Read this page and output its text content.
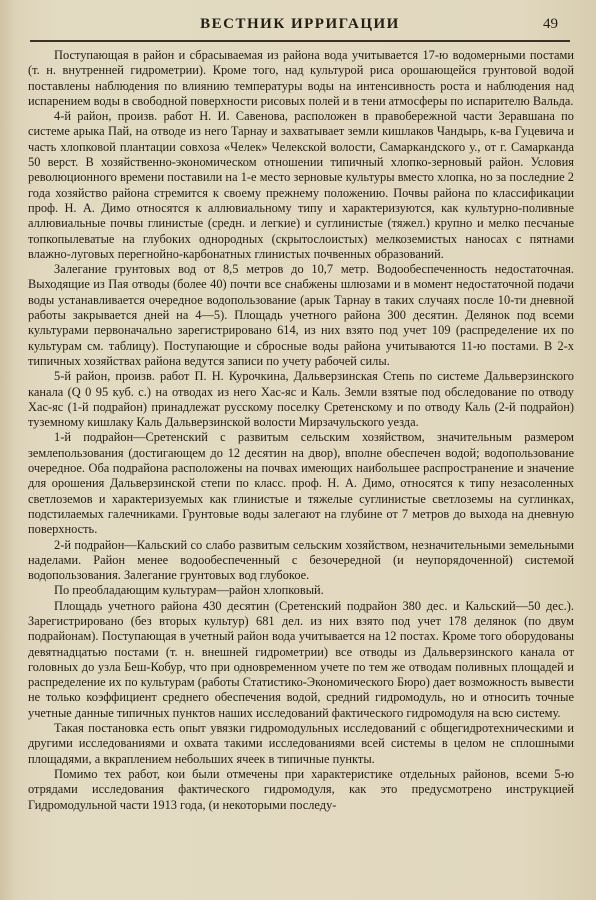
ВЕСТНИК ИРРИГАЦИИ	49

Поступающая в район и сбрасываемая из района вода учитывается 17-ю водомерными постами (т. н. внутренней гидрометрии). Кроме того, над культурой риса орошающейся грунтовой водой поставлены наблюдения по влиянию температуры воды на интенсивность роста и наблюдения над испарением воды в свободной поверхности рисовых полей и в тени атмосферы по испарителю Вальда.

4-й район, произв. работ Н. И. Савенова, расположен в правобережной части Зеравшана по системе арыка Пай, на отводе из него Тарнау и захватывает земли кишлаков Чандырь, к-ва Гуцевича и часть хлопковой плантации совхоза «Челек» Челекской волости, Самаркандского у., от г. Самарканда 50 верст. В хозяйственно-экономическом отношении типичный хлопко-зерновый район. Условия революционного времени поставили на 1-е место зерновые культуры вместо хлопка, но за последние 2 года хозяйство района стремится к своему прежнему положению. Почвы района по классификации проф. Н. А. Димо относятся к аллювиальному типу и характеризуются, как культурно-поливные аллювиальные почвы глинистые (средн. и легкие) и суглинистые (тяжел.) крупно и мелко песчаные топкопылеватые на глубоких однородных (скрытослоистых) мелкоземистых наносах с пятнами влажно-луговых перегнойно-карбонатных глинистых почвенных образований.

Залегание грунтовых вод от 8,5 метров до 10,7 метр. Водообеспеченность недостаточная. Выходящие из Пая отводы (более 40) почти все снабжены шлюзами и в момент недостаточной подачи воды устанавливается очередное водопользование (арык Тарнау в таких случаях после 10-ти дневной работы закрывается дней на 4—5). Площадь учетного района 300 десятин. Делянок под всеми культурами первоначально зарегистрировано 614, из них взято под учет 109 (распределение их по культурам см. таблицу). Поступающие и сбросные воды района учитываются 11-ю постами. В 2-х типичных хозяйствах района ведутся записи по учету рабочей силы.

5-й район, произв. работ П. Н. Курочкина, Дальверзинская Степь по системе Дальверзинского канала (Q 0 95 куб. с.) на отводах из него Хас-яс и Каль. Земли взятые под обследование по отводу Хас-яс (1-й подрайон) принадлежат русскому поселку Сретенскому и по отводу Каль (2-й подрайон) туземному кишлаку Каль Дальверзинской волости Мирзачульского уезда.

1-й подрайон—Сретенский с развитым сельским хозяйством, значительным размером землепользования (достигающем до 12 десятин на двор), вполне обеспечен водой; водопользование очередное. Оба подрайона расположены на почвах имеющих наибольшее распространение и значение для орошения Дальверзинской степи по класс. проф. Н. А. Димо, относятся к типу незасоленных светлоземов и характеризуемых как глинистые и тяжелые суглинистые светлоземы на суглинках, подстилаемых галечниками. Грунтовые воды залегают на глубине от 7 метров до выхода на дневную поверхность.

2-й подрайон—Кальский со слабо развитым сельским хозяйством, незначительными земельными наделами. Район менее водообеспеченный с безочередной (и неупорядоченной) системой водопользования. Залегание грунтовых вод глубокое.

По преобладающим культурам—район хлопковый.

Площадь учетного района 430 десятин (Сретенский подрайон 380 дес. и Кальский—50 дес.). Зарегистрировано (без вторых культур) 681 дел. из них взято под учет 178 делянок (по двум подрайонам). Поступающая в учетный район вода учитывается на 12 постах. Кроме того оборудованы девятнадцатью постами (т. н. внешней гидрометрии) все отводы из Дальверзинского канала от головных до узла Беш-Кобур, что при одновременном учете по тем же отводам поливных площадей и распределение их по культурам (работы Статистико-Экономического Бюро) дает возможность вывести не только коэффициент среднего обеспечения водой, средний гидромодуль, но и относить точные учетные данные типичных пунктов наших исследований фактического гидромодуля на всю систему.

Такая постановка есть опыт увязки гидромодульных исследований с общегидротехническими и другими исследованиями и охвата такими исследованиями всей системы в целом не сплошными площадями, а вкраплением небольших ячеек в типичные пункты.

Помимо тех работ, кои были отмечены при характеристике отдельных районов, всеми 5-ю отрядами исследования фактического гидромодуля, как это предусмотрено инструкцией Гидромодульной части 1913 года, (и некоторыми последу-
